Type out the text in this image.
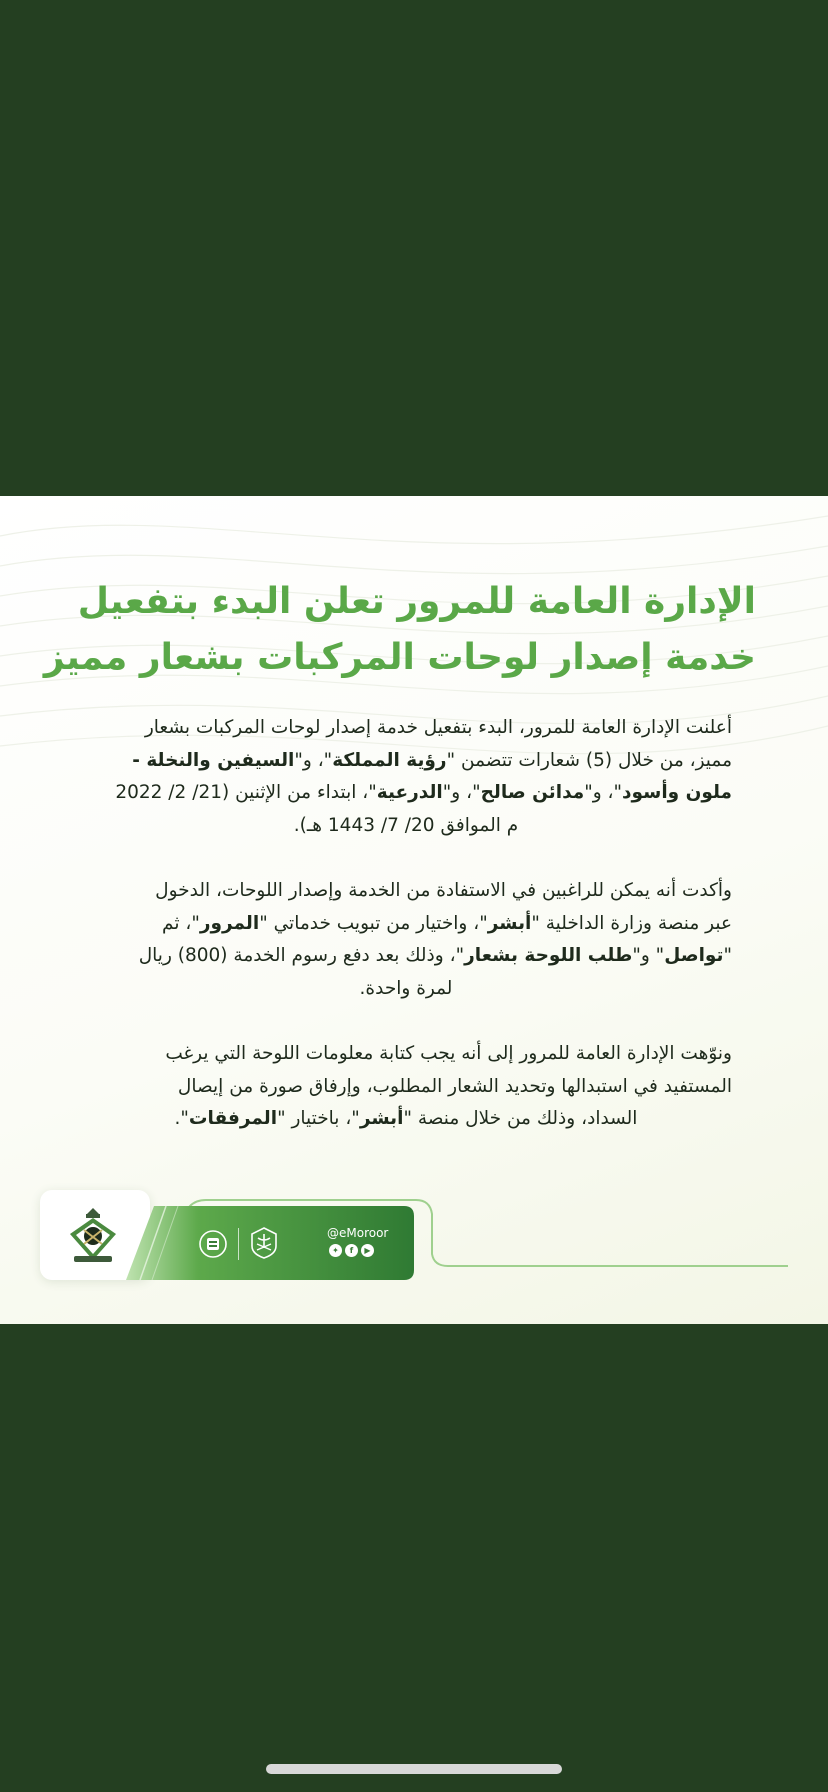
الإدارة العامة للمرور تعلن البدء بتفعيل
خدمة إصدار لوحات المركبات بشعار مميز

أعلنت الإدارة العامة للمرور، البدء بتفعيل خدمة إصدار لوحات المركبات بشعار
مميز، من خلال (5) شعارات تتضمن "رؤية المملكة"، و"السيفين والنخلة -
ملون وأسود"، و"مدائن صالح"، و"الدرعية"، ابتداء من الإثنين (21/ 2/ 2022
م الموافق 20/ 7/ 1443 هـ).

وأكدت أنه يمكن للراغبين في الاستفادة من الخدمة وإصدار اللوحات، الدخول
عبر منصة وزارة الداخلية "أبشر"، واختيار من تبويب خدماتي "المرور"، ثم
"تواصل" و"طلب اللوحة بشعار"، وذلك بعد دفع رسوم الخدمة (800) ريال
لمرة واحدة.

ونوّهت الإدارة العامة للمرور إلى أنه يجب كتابة معلومات اللوحة التي يرغب
المستفيد في استبدالها وتحديد الشعار المطلوب، وإرفاق صورة من إيصال
السداد، وذلك من خلال منصة "أبشر"، باختيار "المرفقات".

@eMoroor
✦	f	▶
